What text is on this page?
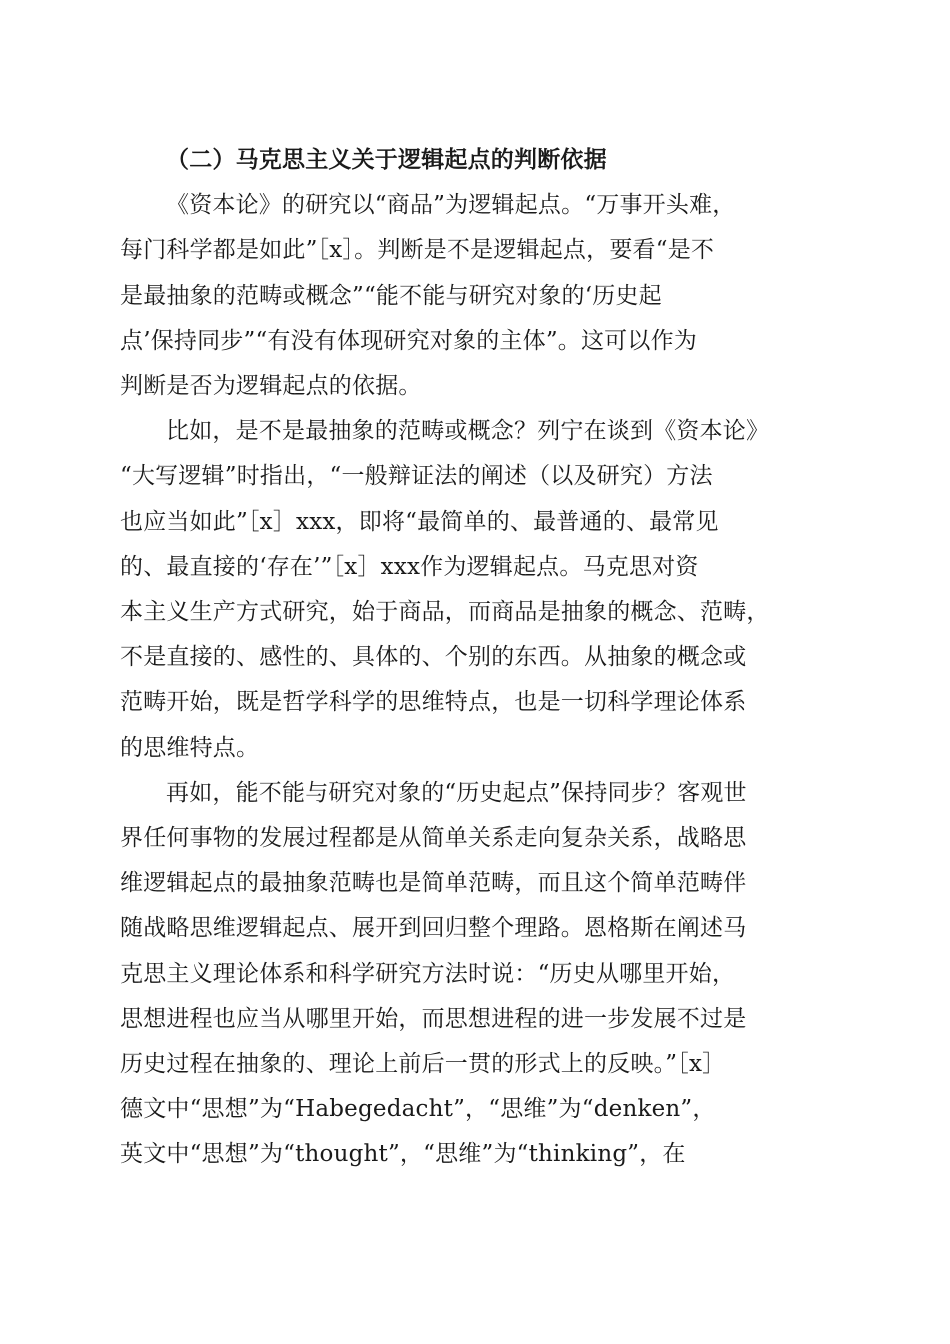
（二）马克思主义关于逻辑起点的判断依据

《资本论》的研究以“商品”为逻辑起点。“万事开头难，
每门科学都是如此”［x］。判断是不是逻辑起点，要看“是不
是最抽象的范畴或概念”“能不能与研究对象的‘历史起
点’保持同步”“有没有体现研究对象的主体”。这可以作为
判断是否为逻辑起点的依据。

比如，是不是最抽象的范畴或概念？列宁在谈到《资本论》
“大写逻辑”时指出，“一般辩证法的阐述（以及研究）方法
也应当如此”［x］xxx，即将“最简单的、最普通的、最常见
的、最直接的‘存在’”［x］xxx作为逻辑起点。马克思对资
本主义生产方式研究，始于商品，而商品是抽象的概念、范畴，
不是直接的、感性的、具体的、个别的东西。从抽象的概念或
范畴开始，既是哲学科学的思维特点，也是一切科学理论体系
的思维特点。

再如，能不能与研究对象的“历史起点”保持同步？客观世
界任何事物的发展过程都是从简单关系走向复杂关系，战略思
维逻辑起点的最抽象范畴也是简单范畴，而且这个简单范畴伴
随战略思维逻辑起点、展开到回归整个理路。恩格斯在阐述马
克思主义理论体系和科学研究方法时说：“历史从哪里开始，
思想进程也应当从哪里开始，而思想进程的进一步发展不过是
历史过程在抽象的、理论上前后一贯的形式上的反映。”［x］
德文中“思想”为“Habegedacht”，“思维”为“denken”，
英文中“思想”为“thought”，“思维”为“thinking”，在
